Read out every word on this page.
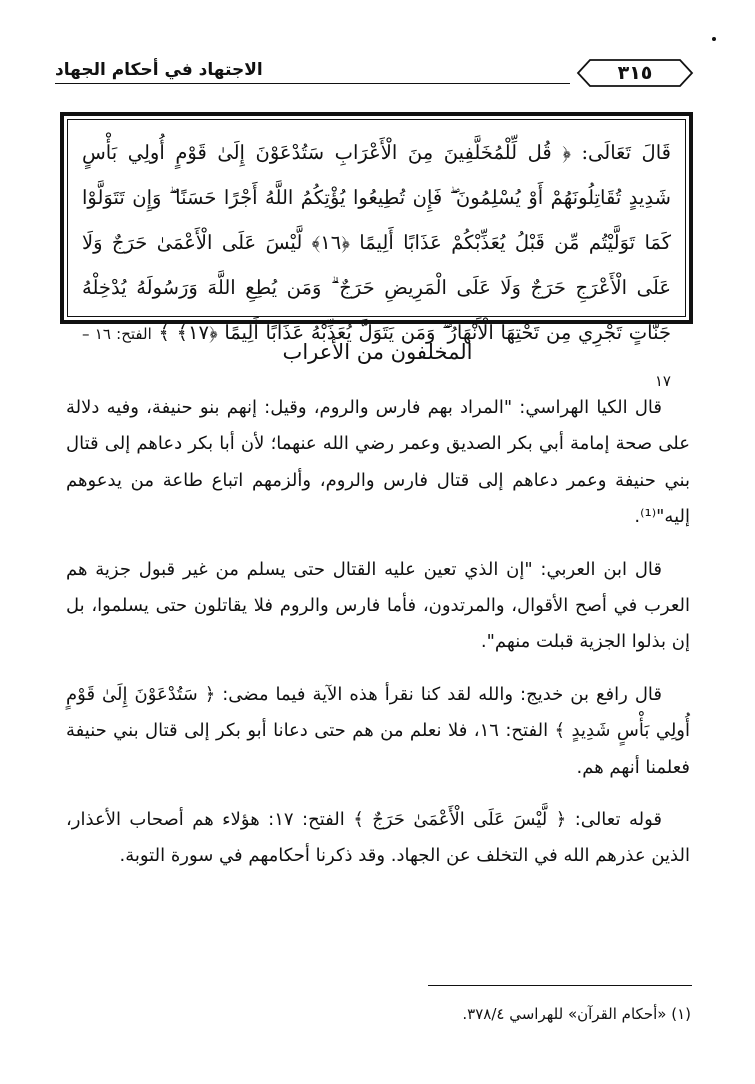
الاجتهاد في أحكام الجهاد	٣١٥
قَالَ تَعَالَى: ﴿ قُل لِّلْمُخَلَّفِينَ مِنَ الْأَعْرَابِ سَتُدْعَوْنَ إِلَىٰ قَوْمٍ أُولِي بَأْسٍ شَدِيدٍ تُقَاتِلُونَهُمْ أَوْ يُسْلِمُونَ ۖ فَإِن تُطِيعُوا يُؤْتِكُمُ اللَّهُ أَجْرًا حَسَنًا ۖ وَإِن تَتَوَلَّوْا كَمَا تَوَلَّيْتُم مِّن قَبْلُ يُعَذِّبْكُمْ عَذَابًا أَلِيمًا ﴿١٦﴾ لَّيْسَ عَلَى الْأَعْمَىٰ حَرَجٌ وَلَا عَلَى الْأَعْرَجِ حَرَجٌ وَلَا عَلَى الْمَرِيضِ حَرَجٌ ۗ وَمَن يُطِعِ اللَّهَ وَرَسُولَهُ يُدْخِلْهُ جَنَّاتٍ تَجْرِي مِن تَحْتِهَا الْأَنْهَارُ ۖ وَمَن يَتَوَلَّ يُعَذِّبْهُ عَذَابًا أَلِيمًا ﴿١٧﴾ ﴾ الفتح: ١٦ – ١٧
المخلفون من الأعراب

قال الكيا الهراسي: "المراد بهم فارس والروم، وقيل: إنهم بنو حنيفة، وفيه دلالة على صحة إمامة أبي بكر الصديق وعمر رضي الله عنهما؛ لأن أبا بكر دعاهم إلى قتال بني حنيفة وعمر دعاهم إلى قتال فارس والروم، وألزمهم اتباع طاعة من يدعوهم إليه"⁽¹⁾.

قال ابن العربي: "إن الذي تعين عليه القتال حتى يسلم من غير قبول جزية هم العرب في أصح الأقوال، والمرتدون، فأما فارس والروم فلا يقاتلون حتى يسلموا، بل إن بذلوا الجزية قبلت منهم".

قال رافع بن خديج: والله لقد كنا نقرأ هذه الآية فيما مضى: ﴿ سَتُدْعَوْنَ إِلَىٰ قَوْمٍ أُولِي بَأْسٍ شَدِيدٍ ﴾ الفتح: ١٦، فلا نعلم من هم حتى دعانا أبو بكر إلى قتال بني حنيفة فعلمنا أنهم هم.

قوله تعالى: ﴿ لَّيْسَ عَلَى الْأَعْمَىٰ حَرَجٌ ﴾ الفتح: ١٧: هؤلاء هم أصحاب الأعذار، الذين عذرهم الله في التخلف عن الجهاد. وقد ذكرنا أحكامهم في سورة التوبة.

(١) «أحكام القرآن» للهراسي ٣٧٨/٤.
